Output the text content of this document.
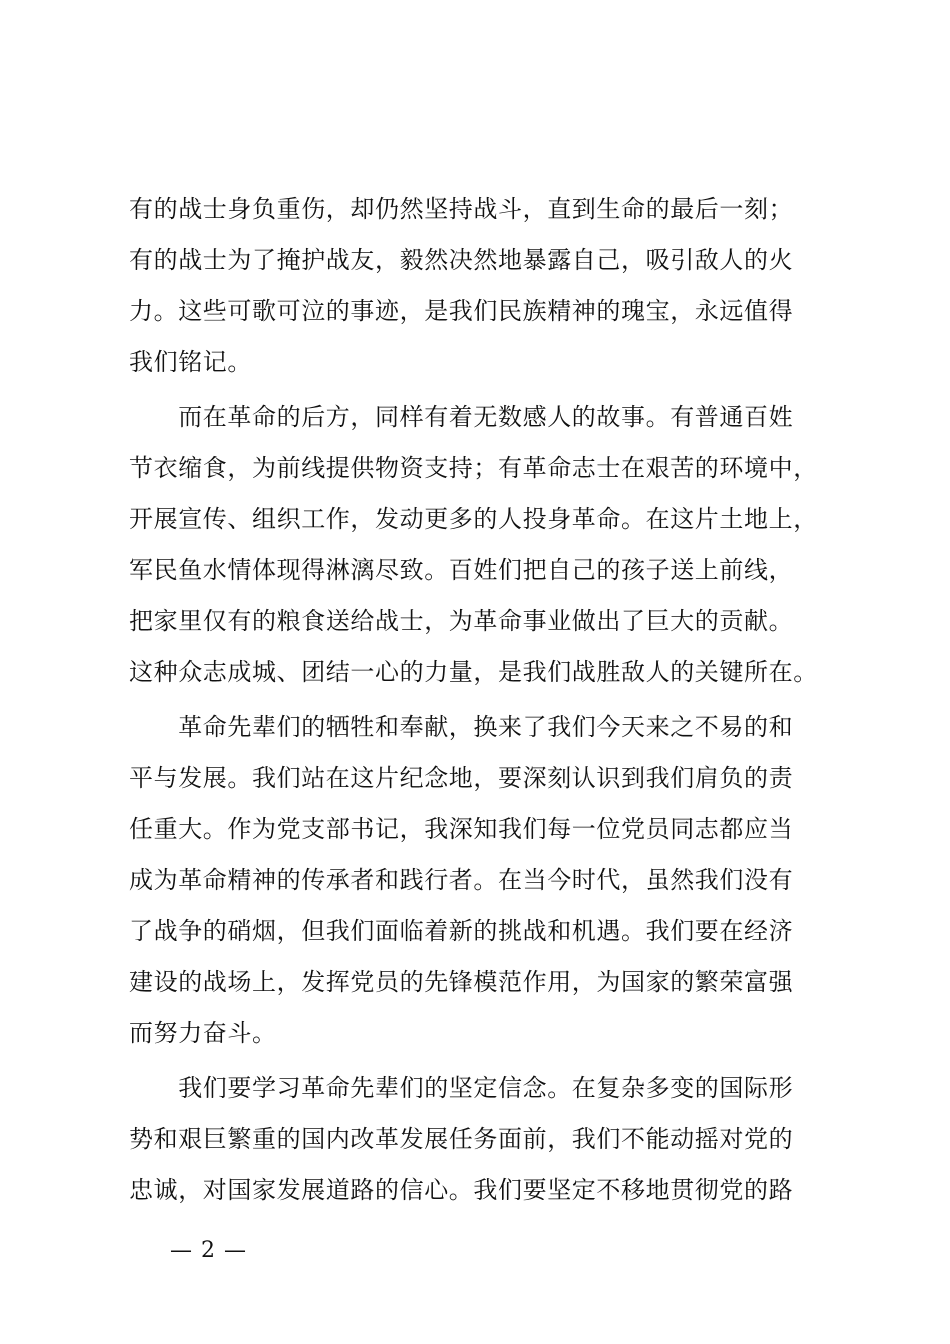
有的战士身负重伤，却仍然坚持战斗，直到生命的最后一刻；
有的战士为了掩护战友，毅然决然地暴露自己，吸引敌人的火
力。这些可歌可泣的事迹，是我们民族精神的瑰宝，永远值得
我们铭记。
　　而在革命的后方，同样有着无数感人的故事。有普通百姓
节衣缩食，为前线提供物资支持；有革命志士在艰苦的环境中，
开展宣传、组织工作，发动更多的人投身革命。在这片土地上，
军民鱼水情体现得淋漓尽致。百姓们把自己的孩子送上前线，
把家里仅有的粮食送给战士，为革命事业做出了巨大的贡献。
这种众志成城、团结一心的力量，是我们战胜敌人的关键所在。
　　革命先辈们的牺牲和奉献，换来了我们今天来之不易的和
平与发展。我们站在这片纪念地，要深刻认识到我们肩负的责
任重大。作为党支部书记，我深知我们每一位党员同志都应当
成为革命精神的传承者和践行者。在当今时代，虽然我们没有
了战争的硝烟，但我们面临着新的挑战和机遇。我们要在经济
建设的战场上，发挥党员的先锋模范作用，为国家的繁荣富强
而努力奋斗。
　　我们要学习革命先辈们的坚定信念。在复杂多变的国际形
势和艰巨繁重的国内改革发展任务面前，我们不能动摇对党的
忠诚，对国家发展道路的信心。我们要坚定不移地贯彻党的路
— 2 —
